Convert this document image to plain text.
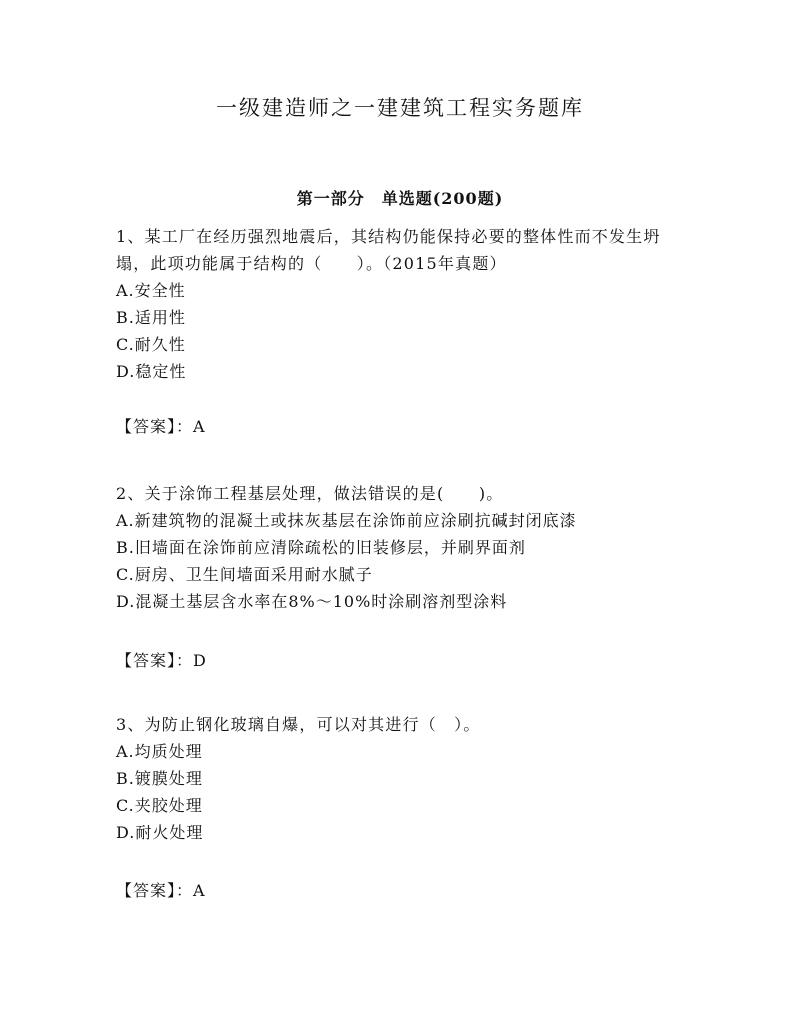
一级建造师之一建建筑工程实务题库
第一部分　单选题(200题)

1、某工厂在经历强烈地震后，其结构仍能保持必要的整体性而不发生坍塌，此项功能属于结构的（　　）。（2015年真题）

A.安全性

B.适用性

C.耐久性

D.稳定性

【答案】：A

2、关于涂饰工程基层处理，做法错误的是(　　)。

A.新建筑物的混凝土或抹灰基层在涂饰前应涂刷抗碱封闭底漆

B.旧墙面在涂饰前应清除疏松的旧装修层，并刷界面剂

C.厨房、卫生间墙面采用耐水腻子

D.混凝土基层含水率在8%～10%时涂刷溶剂型涂料

【答案】：D

3、为防止钢化玻璃自爆，可以对其进行（　）。

A.均质处理

B.镀膜处理

C.夹胶处理

D.耐火处理

【答案】：A
